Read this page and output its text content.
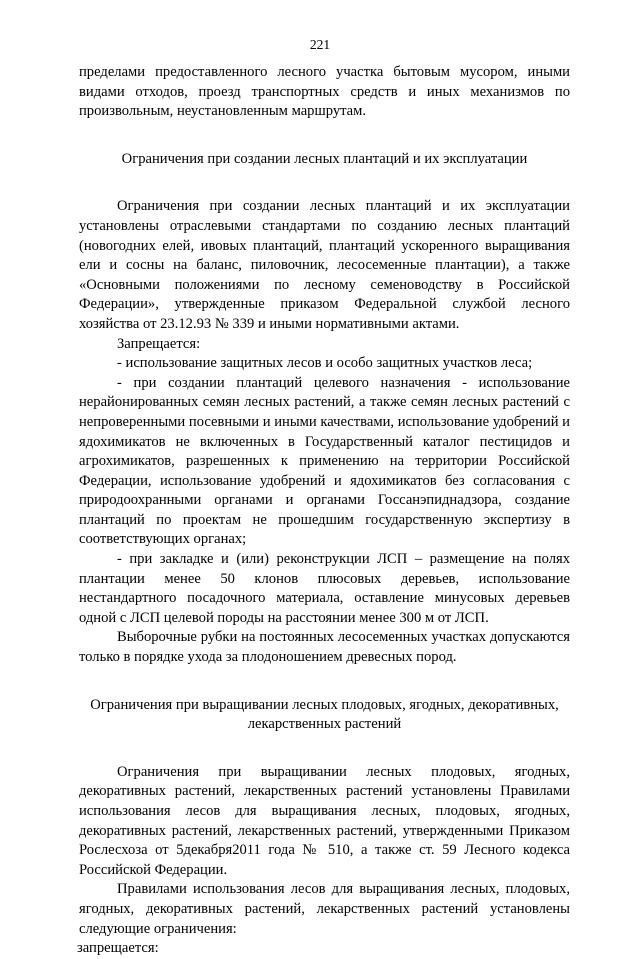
221

пределами предоставленного лесного участка бытовым мусором, иными видами отходов, проезд транспортных средств и иных механизмов по произвольным, неустановленным маршрутам.

Ограничения при создании лесных плантаций и их эксплуатации

Ограничения при создании лесных плантаций и их эксплуатации установлены отраслевыми стандартами по созданию лесных плантаций (новогодних елей, ивовых плантаций, плантаций ускоренного выращивания ели и сосны на баланс, пиловочник, лесосеменные плантации), а также «Основными положениями по лесному семеноводству в Российской Федерации», утвержденные приказом Федеральной службой лесного хозяйства от 23.12.93 № 339 и иными нормативными актами.

Запрещается:

- использование защитных лесов и особо защитных участков леса;

- при создании плантаций целевого назначения - использование нерайонированных семян лесных растений, а также семян лесных растений с непроверенными посевными и иными качествами, использование удобрений и ядохимикатов не включенных в Государственный каталог пестицидов и агрохимикатов, разрешенных к применению на территории Российской Федерации, использование удобрений и ядохимикатов без согласования с природоохранными органами и органами Госсанэпиднадзора, создание плантаций по проектам не прошедшим государственную экспертизу в соответствующих органах;

- при закладке и (или) реконструкции ЛСП – размещение на полях плантации менее 50 клонов плюсовых деревьев, использование нестандартного посадочного материала, оставление минусовых деревьев одной с ЛСП целевой породы на расстоянии менее 300 м от ЛСП.

Выборочные рубки на постоянных лесосеменных участках допускаются только в порядке ухода за плодоношением древесных пород.

Ограничения при выращивании лесных плодовых, ягодных, декоративных, лекарственных растений

Ограничения при выращивании лесных плодовых, ягодных, декоративных растений, лекарственных растений установлены Правилами использования лесов для выращивания лесных, плодовых, ягодных, декоративных растений, лекарственных растений, утвержденными Приказом Рослесхоза от 5декабря2011 года № 510, а также ст. 59 Лесного кодекса Российской Федерации.

Правилами использования лесов для выращивания лесных, плодовых, ягодных, декоративных растений, лекарственных растений установлены следующие ограничения:

запрещается:
